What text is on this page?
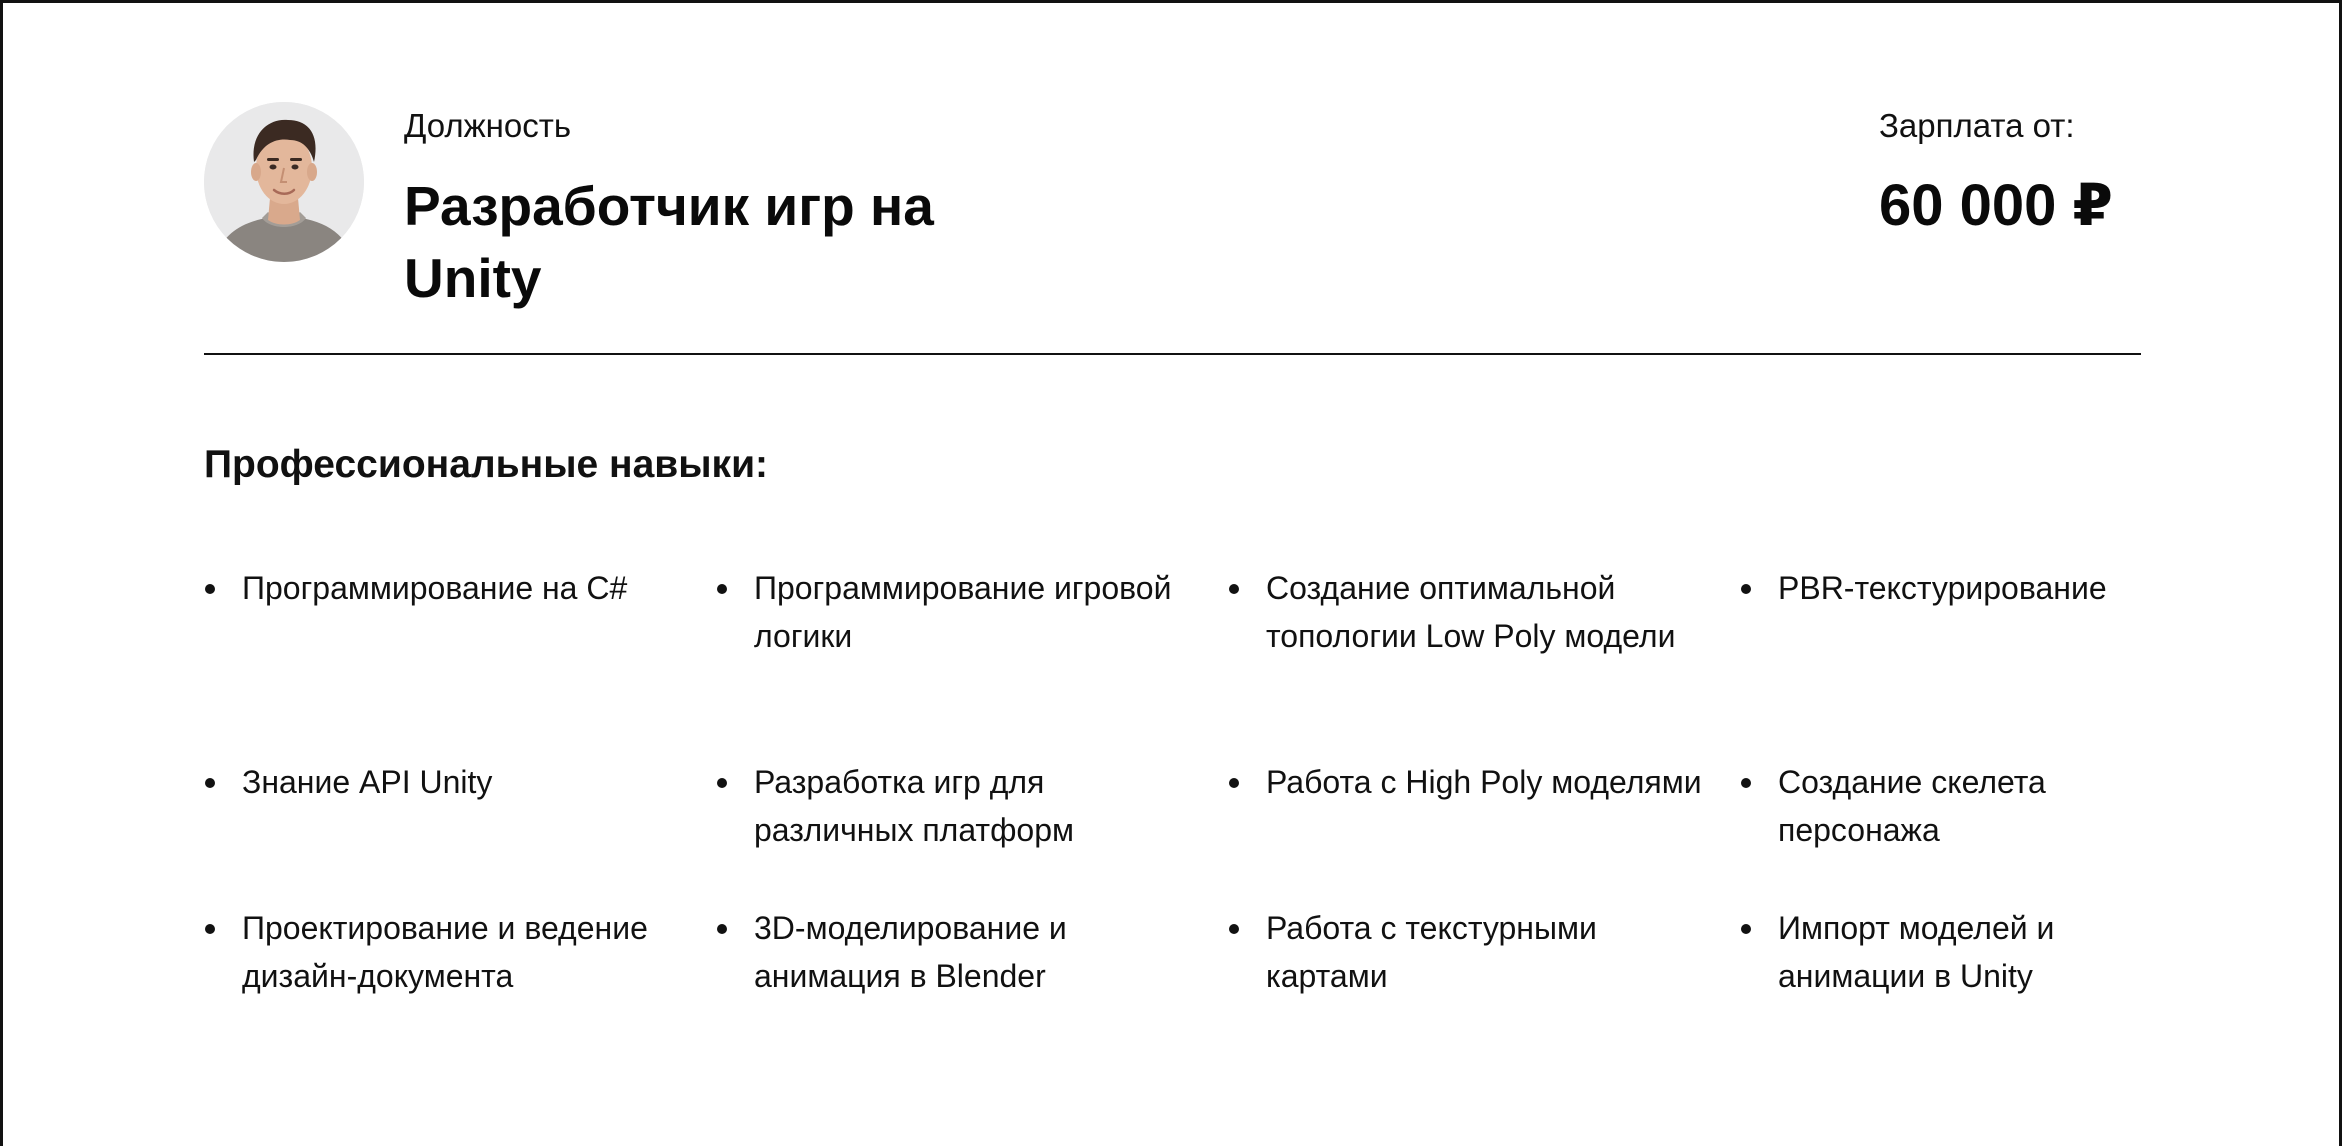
Должность
Разработчик игр на Unity
Зарплата от:
60 000 ₽
Профессиональные навыки:
Программирование на C#	Программирование игровой логики
Создание оптимальной топологии Low Poly модели
PBR-текстурирование
Знание API Unity	Разработка игр для различных платформ
Работа с High Poly моделями	Создание скелета персонажа
Проектирование и ведение дизайн-документа
3D-моделирование и анимация в Blender
Работа с текстурными картами
Импорт моделей и анимации в Unity
